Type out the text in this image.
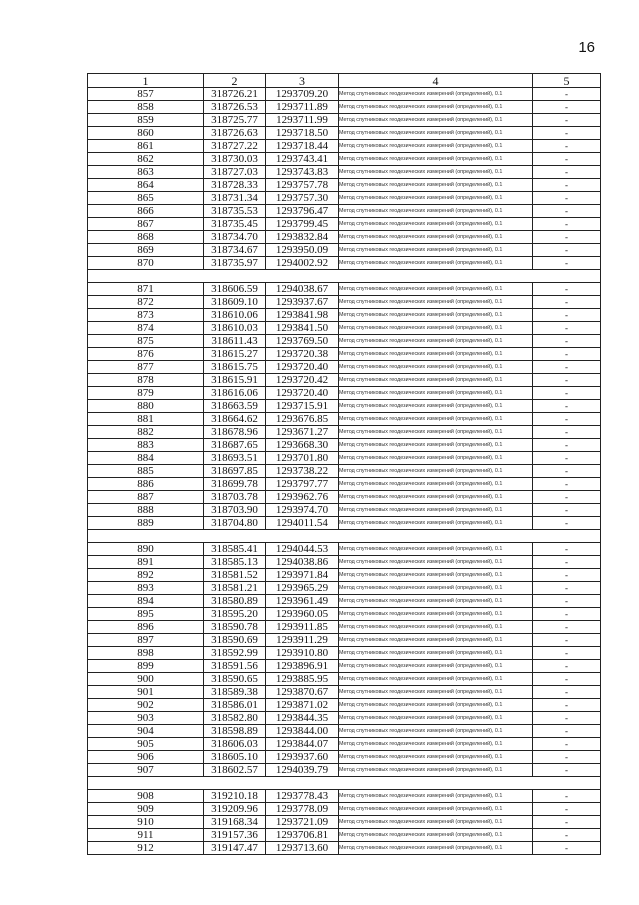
16
1	2	3	4	5
857	318726.21	1293709.20	Метод спутниковых геодезических измерений (определений), 0.1	-
858	318726.53	1293711.89	Метод спутниковых геодезических измерений (определений), 0.1	-
859	318725.77	1293711.99	Метод спутниковых геодезических измерений (определений), 0.1	-
860	318726.63	1293718.50	Метод спутниковых геодезических измерений (определений), 0.1	-
861	318727.22	1293718.44	Метод спутниковых геодезических измерений (определений), 0.1	-
862	318730.03	1293743.41	Метод спутниковых геодезических измерений (определений), 0.1	-
863	318727.03	1293743.83	Метод спутниковых геодезических измерений (определений), 0.1	-
864	318728.33	1293757.78	Метод спутниковых геодезических измерений (определений), 0.1	-
865	318731.34	1293757.30	Метод спутниковых геодезических измерений (определений), 0.1	-
866	318735.53	1293796.47	Метод спутниковых геодезических измерений (определений), 0.1	-
867	318735.45	1293799.45	Метод спутниковых геодезических измерений (определений), 0.1	-
868	318734.70	1293832.84	Метод спутниковых геодезических измерений (определений), 0.1	-
869	318734.67	1293950.09	Метод спутниковых геодезических измерений (определений), 0.1	-
870	318735.97	1294002.92	Метод спутниковых геодезических измерений (определений), 0.1	-

871	318606.59	1294038.67	Метод спутниковых геодезических измерений (определений), 0.1	-
872	318609.10	1293937.67	Метод спутниковых геодезических измерений (определений), 0.1	-
873	318610.06	1293841.98	Метод спутниковых геодезических измерений (определений), 0.1	-
874	318610.03	1293841.50	Метод спутниковых геодезических измерений (определений), 0.1	-
875	318611.43	1293769.50	Метод спутниковых геодезических измерений (определений), 0.1	-
876	318615.27	1293720.38	Метод спутниковых геодезических измерений (определений), 0.1	-
877	318615.75	1293720.40	Метод спутниковых геодезических измерений (определений), 0.1	-
878	318615.91	1293720.42	Метод спутниковых геодезических измерений (определений), 0.1	-
879	318616.06	1293720.40	Метод спутниковых геодезических измерений (определений), 0.1	-
880	318663.59	1293715.91	Метод спутниковых геодезических измерений (определений), 0.1	-
881	318664.62	1293676.85	Метод спутниковых геодезических измерений (определений), 0.1	-
882	318678.96	1293671.27	Метод спутниковых геодезических измерений (определений), 0.1	-
883	318687.65	1293668.30	Метод спутниковых геодезических измерений (определений), 0.1	-
884	318693.51	1293701.80	Метод спутниковых геодезических измерений (определений), 0.1	-
885	318697.85	1293738.22	Метод спутниковых геодезических измерений (определений), 0.1	-
886	318699.78	1293797.77	Метод спутниковых геодезических измерений (определений), 0.1	-
887	318703.78	1293962.76	Метод спутниковых геодезических измерений (определений), 0.1	-
888	318703.90	1293974.70	Метод спутниковых геодезических измерений (определений), 0.1	-
889	318704.80	1294011.54	Метод спутниковых геодезических измерений (определений), 0.1	-

890	318585.41	1294044.53	Метод спутниковых геодезических измерений (определений), 0.1	-
891	318585.13	1294038.86	Метод спутниковых геодезических измерений (определений), 0.1	-
892	318581.52	1293971.84	Метод спутниковых геодезических измерений (определений), 0.1	-
893	318581.21	1293965.29	Метод спутниковых геодезических измерений (определений), 0.1	-
894	318580.89	1293961.49	Метод спутниковых геодезических измерений (определений), 0.1	-
895	318595.20	1293960.05	Метод спутниковых геодезических измерений (определений), 0.1	-
896	318590.78	1293911.85	Метод спутниковых геодезических измерений (определений), 0.1	-
897	318590.69	1293911.29	Метод спутниковых геодезических измерений (определений), 0.1	-
898	318592.99	1293910.80	Метод спутниковых геодезических измерений (определений), 0.1	-
899	318591.56	1293896.91	Метод спутниковых геодезических измерений (определений), 0.1	-
900	318590.65	1293885.95	Метод спутниковых геодезических измерений (определений), 0.1	-
901	318589.38	1293870.67	Метод спутниковых геодезических измерений (определений), 0.1	-
902	318586.01	1293871.02	Метод спутниковых геодезических измерений (определений), 0.1	-
903	318582.80	1293844.35	Метод спутниковых геодезических измерений (определений), 0.1	-
904	318598.89	1293844.00	Метод спутниковых геодезических измерений (определений), 0.1	-
905	318606.03	1293844.07	Метод спутниковых геодезических измерений (определений), 0.1	-
906	318605.10	1293937.60	Метод спутниковых геодезических измерений (определений), 0.1	-
907	318602.57	1294039.79	Метод спутниковых геодезических измерений (определений), 0.1	-

908	319210.18	1293778.43	Метод спутниковых геодезических измерений (определений), 0.1	-
909	319209.96	1293778.09	Метод спутниковых геодезических измерений (определений), 0.1	-
910	319168.34	1293721.09	Метод спутниковых геодезических измерений (определений), 0.1	-
911	319157.36	1293706.81	Метод спутниковых геодезических измерений (определений), 0.1	-
912	319147.47	1293713.60	Метод спутниковых геодезических измерений (определений), 0.1	-
